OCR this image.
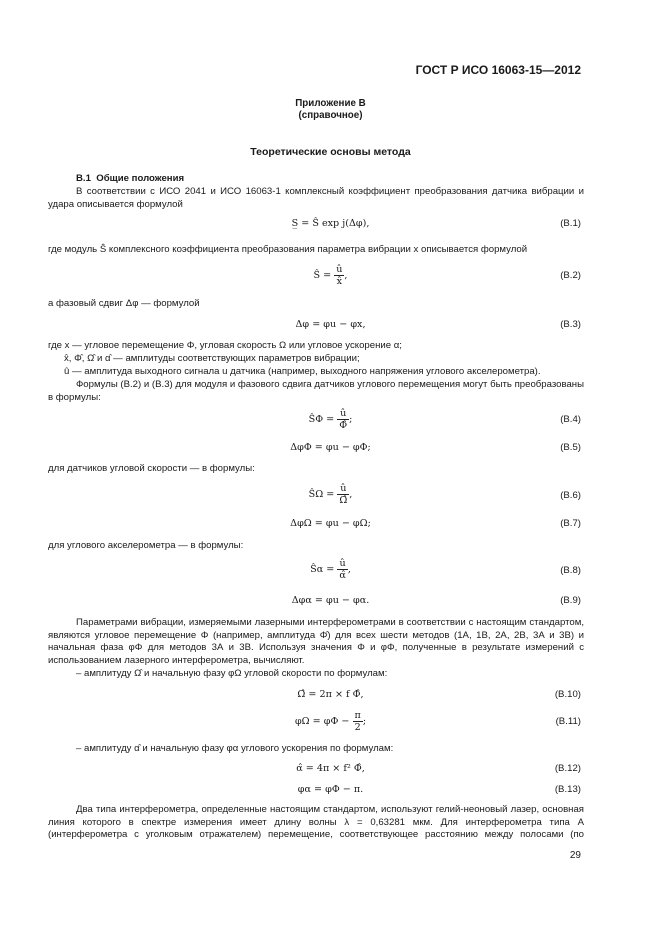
ГОСТ Р ИСО 16063-15—2012
Приложение В
(справочное)
Теоретические основы метода
В.1 Общие положения
В соответствии с ИСО 2041 и ИСО 16063-1 комплексный коэффициент преобразования датчика вибрации и удара описывается формулой
S̲ = Ŝ exp j(Δφ),	(В.1)
где модуль Ŝ комплексного коэффициента преобразования параметра вибрации x описывается формулой
Ŝ = $\frac{û}{x̂}$ ,	(В.2)
а фазовый сдвиг Δφ — формулой
Δφ = φu − φx,	(В.3)
где x — угловое перемещение Φ, угловая скорость Ω или угловое ускорение α;
x̂, Φ̂, Ω̂ и α̂ — амплитуды соответствующих параметров вибрации;
û — амплитуда выходного сигнала u датчика (например, выходного напряжения углового акселерометра).
Формулы (В.2) и (В.3) для модуля и фазового сдвига датчиков углового перемещения могут быть преобразованы в формулы:
ŜΦ = $\frac{û}{\Phî}$ ;	(В.4)
ΔφΦ = φu − φΦ;	(В.5)
для датчиков угловой скорости — в формулы:
ŜΩ = $\frac{û}{\Omegâ}$ ,	(В.6)
ΔφΩ = φu − φΩ;	(В.7)
для углового акселерометра — в формулы:
Ŝα = $\frac{û}{\alphâ}$ ,	(В.8)
Δφα = φu − φα.	(В.9)
Параметрами вибрации, измеряемыми лазерными интерферометрами в соответствии с настоящим стандартом, являются угловое перемещение Φ (например, амплитуда Φ̂) для всех шести методов (1А, 1В, 2А, 2В, 3А и 3В) и начальная фаза φΦ для методов 3А и 3В. Используя значения Φ и φΦ, полученные в результате измерений с использованием лазерного интерферометра, вычисляют.
– амплитуду Ω̂ и начальную фазу φΩ угловой скорости по формулам:
Ω̂ = 2π × f Φ̂,	(В.10)
$\varphi\Omega = \varphi\Phi - \frac{\pi}{2}$ ;	(В.11)
– амплитуду α̂ и начальную фазу φα углового ускорения по формулам:
α̂ = 4π × f² Φ̂,	(В.12)
φα = φΦ − π.	(В.13)
Два типа интерферометра, определенные настоящим стандартом, используют гелий-неоновый лазер, основная линия которого в спектре измерения имеет длину волны λ = 0,63281 мкм. Для интерферометра типа А (интерферометра с уголковым отражателем) перемещение, соответствующее расстоянию между полосами (по
29
